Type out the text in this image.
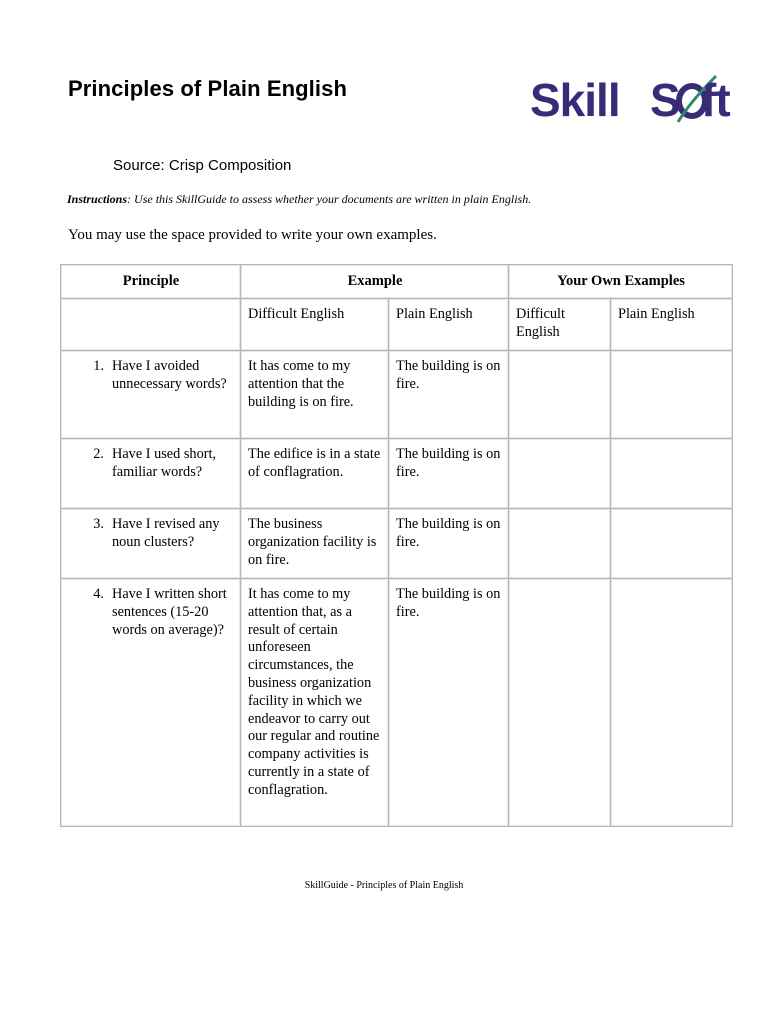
Principles of Plain English	Skill S ft
Source: Crisp Composition
Instructions: Use this SkillGuide to assess whether your documents are written in plain English.
You may use the space provided to write your own examples.
Principle	Example		Your Own Examples	
	Difficult English	Plain English	Difficult English	Plain English

1. Have I avoided unnecessary words?	It has come to my attention that the building is on fire.	The building is on fire.		

2. Have I used short, familiar words?	The edifice is in a state of conflagration.	The building is on fire.		

3. Have I revised any noun clusters?	The business organization facility is on fire.	The building is on fire.		

4. Have I written short sentences (15-20 words on average)?	It has come to my attention that, as a result of certain unforeseen circumstances, the business organization facility in which we endeavor to carry out our regular and routine company activities is currently in a state of conflagration.	The building is on fire.		
SkillGuide - Principles of Plain English
